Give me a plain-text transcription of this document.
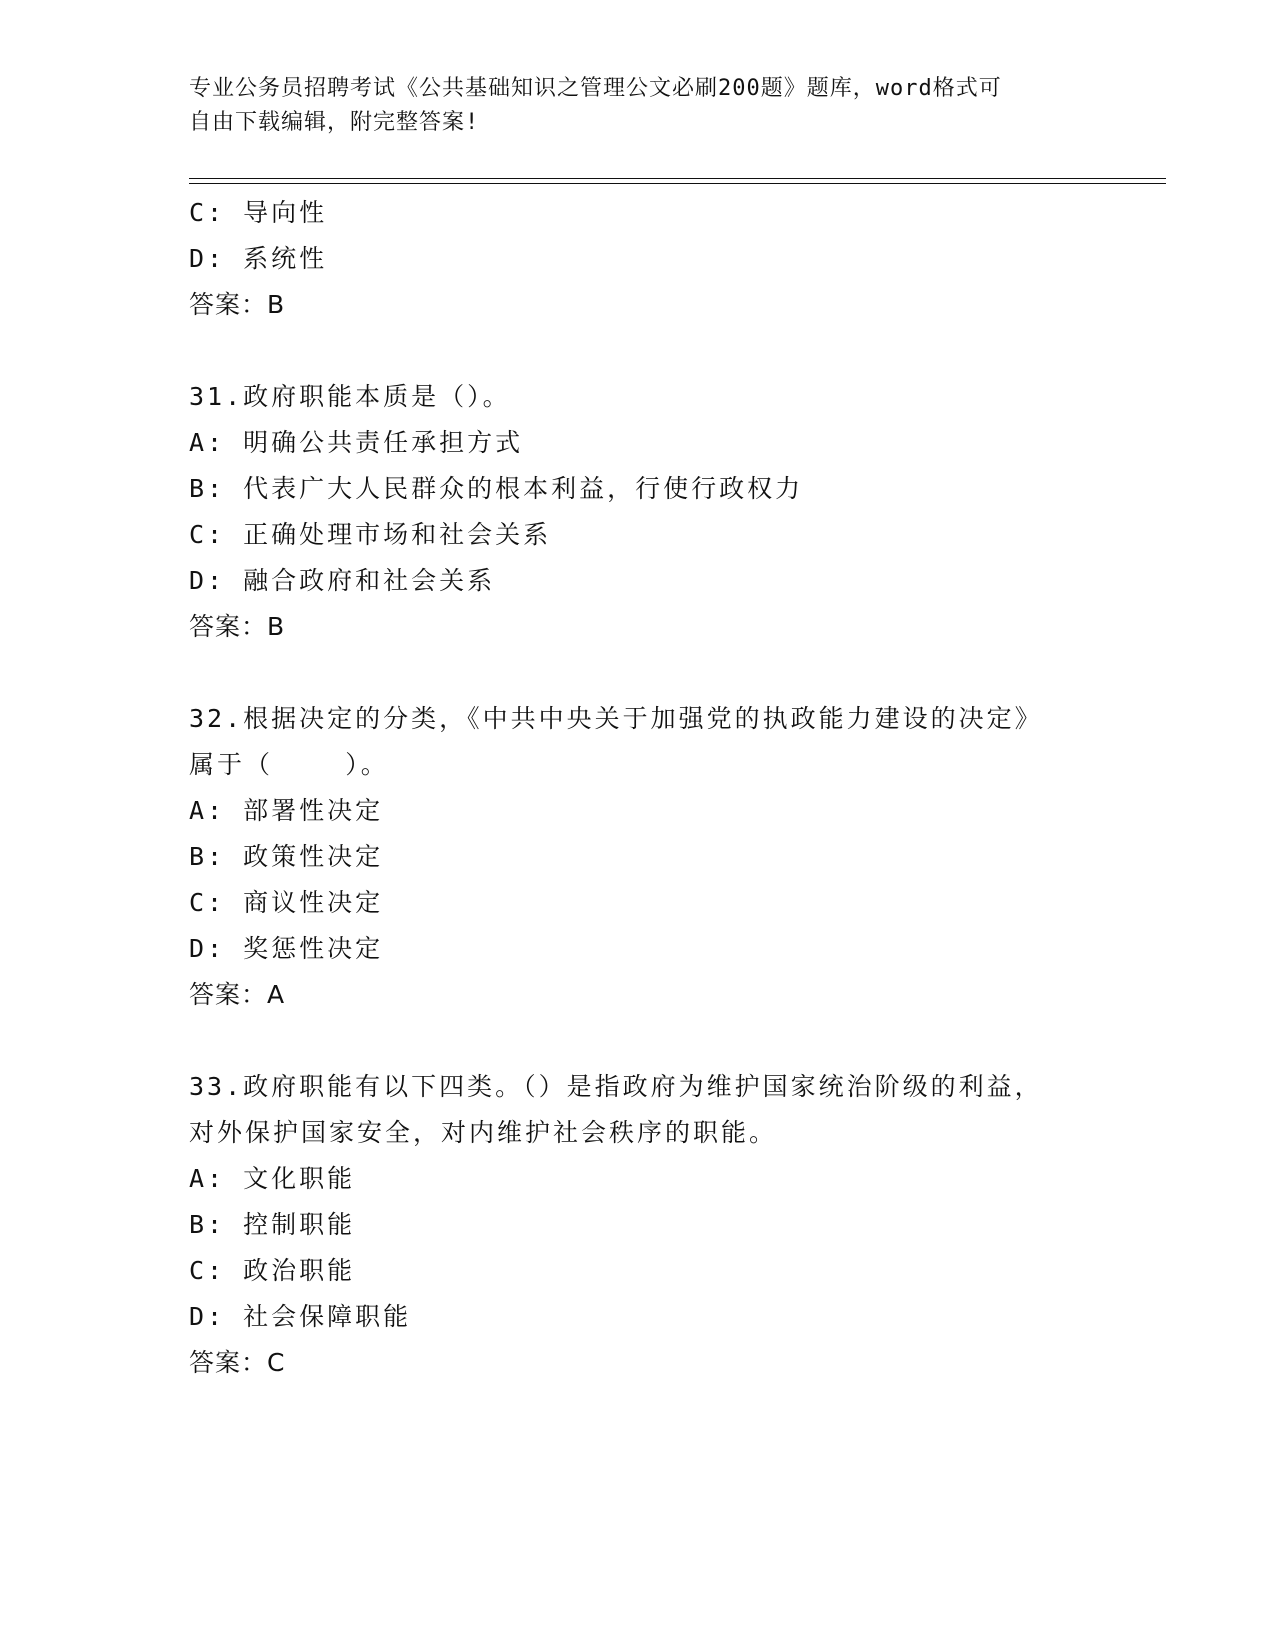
专业公务员招聘考试《公共基础知识之管理公文必刷200题》题库，word格式可
自由下载编辑，附完整答案!
C: 导向性
D: 系统性
答案：B
31.政府职能本质是（）。
A: 明确公共责任承担方式
B: 代表广大人民群众的根本利益，行使行政权力
C: 正确处理市场和社会关系
D: 融合政府和社会关系
答案：B
32.根据决定的分类，《中共中央关于加强党的执政能力建设的决定》
属于（    ）。
A: 部署性决定
B: 政策性决定
C: 商议性决定
D: 奖惩性决定
答案：A
33.政府职能有以下四类。（）是指政府为维护国家统治阶级的利益，
对外保护国家安全，对内维护社会秩序的职能。
A: 文化职能
B: 控制职能
C: 政治职能
D: 社会保障职能
答案：C
